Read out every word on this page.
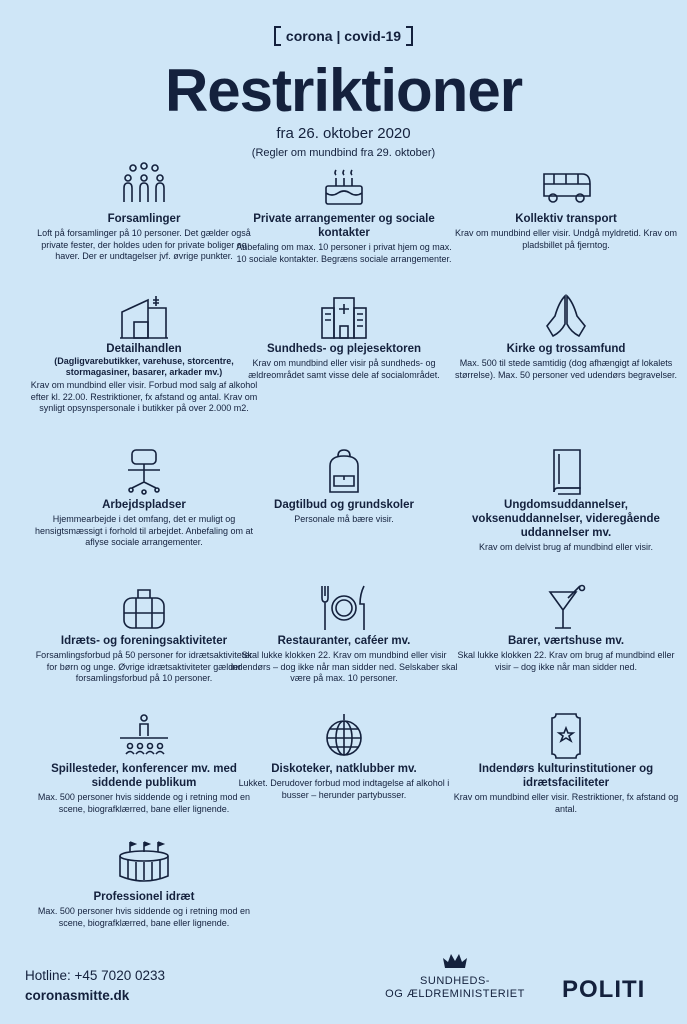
corona | covid-19
Restriktioner
fra 26. oktober 2020
(Regler om mundbind fra 29. oktober)
Forsamlinger

Loft på forsamlinger på 10 personer. Det gælder også private fester, der holdes uden for private boliger og haver. Der er undtagelser jvf. øvrige punkter.

Private arrangementer og sociale kontakter

Anbefaling om max. 10 personer i privat hjem og max. 10 sociale kontakter. Begræns sociale arrangementer.

Kollektiv transport

Krav om mundbind eller visir. Undgå myldretid. Krav om pladsbillet på fjerntog.

Detailhandlen
(Dagligvarebutikker, varehuse, storcentre, stormagasiner, basarer, arkader mv.)

Krav om mundbind eller visir. Forbud mod salg af alkohol efter kl. 22.00. Restriktioner, fx afstand og antal. Krav om synligt opsynspersonale i butikker på over 2.000 m2.

Sundheds- og plejesektoren

Krav om mundbind eller visir på sundheds- og ældreområdet samt visse dele af socialområdet.

Kirke og trossamfund

Max. 500 til stede samtidig (dog afhængigt af lokalets størrelse). Max. 50 personer ved udendørs begravelser.

Arbejdspladser

Hjemmearbejde i det omfang, det er muligt og hensigtsmæssigt i forhold til arbejdet. Anbefaling om at aflyse sociale arrangementer.

Dagtilbud og grundskoler

Personale må bære visir.

Ungdomsuddannelser, voksenuddannelser, videregående uddannelser mv.

Krav om delvist brug af mundbind eller visir.

Idræts- og foreningsaktiviteter

Forsamlingsforbud på 50 personer for idrætsaktiviteter for børn og unge. Øvrige idrætsaktiviteter gælder forsamlingsforbud på 10 personer.

Restauranter, caféer mv.

Skal lukke klokken 22. Krav om mundbind eller visir indendørs – dog ikke når man sidder ned. Selskaber skal være på max. 10 personer.

Barer, værtshuse mv.

Skal lukke klokken 22. Krav om brug af mundbind eller visir – dog ikke når man sidder ned.

Spillesteder, konferencer mv. med siddende publikum

Max. 500 personer hvis siddende og i retning mod en scene, biografklærred, bane eller lignende.

Diskoteker, natklubber mv.

Lukket. Derudover forbud mod indtagelse af alkohol i busser – herunder partybusser.

Indendørs kulturinstitutioner og idrætsfaciliteter

Krav om mundbind eller visir. Restriktioner, fx afstand og antal.

Professionel idræt

Max. 500 personer hvis siddende og i retning mod en scene, biografklærred, bane eller lignende.

Hotline: +45 7020 0233
coronasmitte.dk
SUNDHEDS-
OG ÆLDREMINISTERIET	POLITI
